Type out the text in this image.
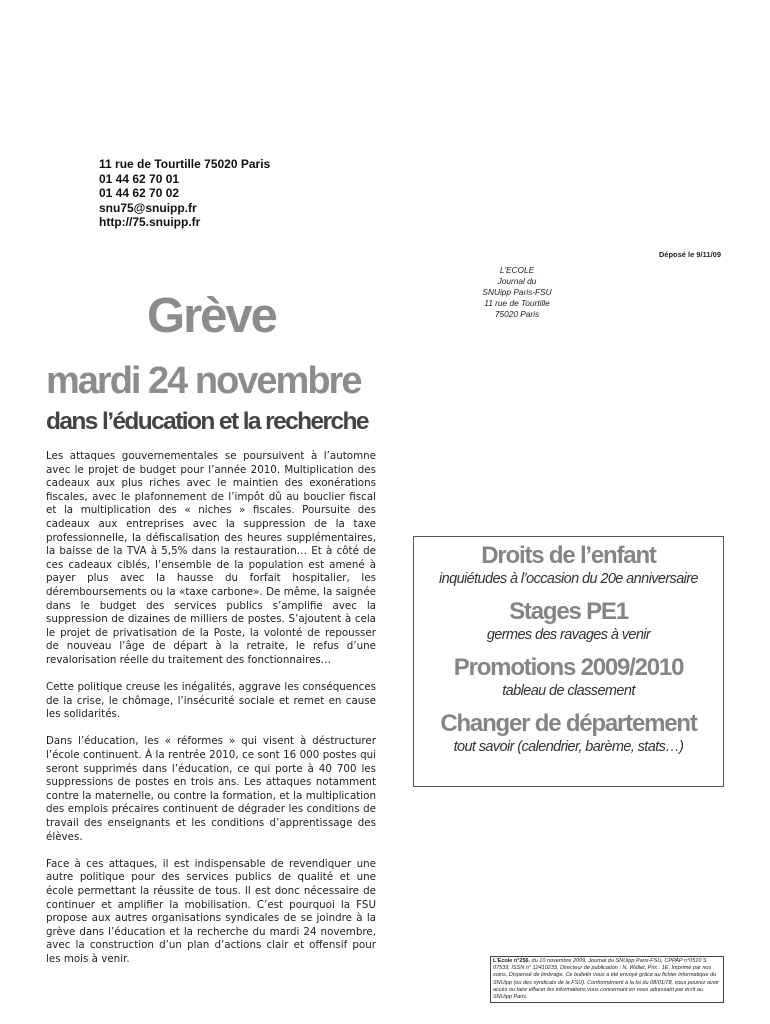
11 rue de Tourtille 75020 Paris
01 44 62 70 01
01 44 62 70 02
snu75@snuipp.fr
http://75.snuipp.fr
Déposé le 9/11/09
L'ECOLE
Journal du
SNUipp Paris-FSU
11 rue de Tourtille
75020 Paris
Grève
mardi 24 novembre
dans l’éducation et la recherche

Les attaques gouvernementales se poursuivent à l’automne avec le projet de budget pour l’année 2010. Multiplication des cadeaux aux plus riches avec le maintien des exonérations fiscales, avec le plafonnement de l’impôt dû au bouclier fiscal et la multiplication des « niches » fiscales. Poursuite des cadeaux aux entreprises avec la suppression de la taxe professionnelle, la défiscalisation des heures supplémentaires, la baisse de la TVA à 5,5% dans la restauration… Et à côté de ces cadeaux ciblés, l’ensemble de la population est amené à payer plus avec la hausse du forfait hospitalier, les déremboursements ou la «taxe carbone». De même, la saignée dans le budget des services publics s’amplifie avec la suppression de dizaines de milliers de postes. S’ajoutent à cela le projet de privatisation de la Poste, la volonté de repousser de nouveau l’âge de départ à la retraite, le refus d’une revalorisation réelle du traitement des fonctionnaires…

Cette politique creuse les inégalités, aggrave les conséquences de la crise, le chômage, l’insécurité sociale et remet en cause les solidarités.

Dans l’éducation, les « réformes » qui visent à déstructurer l’école continuent. À la rentrée 2010, ce sont 16 000 postes qui seront supprimés dans l’éducation, ce qui porte à 40 700 les suppressions de postes en trois ans. Les attaques notamment contre la maternelle, ou contre la formation, et la multiplication des emplois précaires continuent de dégrader les conditions de travail des enseignants et les conditions d’apprentissage des élèves.

Face à ces attaques, il est indispensable de revendiquer une autre politique pour des services publics de qualité et une école permettant la réussite de tous. Il est donc nécessaire de continuer et amplifier la mobilisation. C’est pourquoi la FSU propose aux autres organisations syndicales de se joindre à la grève dans l’éducation et la recherche du mardi 24 novembre, avec la construction d’un plan d’actions clair et offensif pour les mois à venir.

Droits de l’enfant
inquiétudes à l’occasion du 20e anniversaire
Stages PE1
germes des ravages à venir
Promotions 2009/2010
tableau de classement
Changer de département
tout savoir (calendrier, barème, stats…)
L'Ecole n°256, du 10 novembre 2009, Journal du SNUipp Paris-FSU, CPPAP n°0510 S 07539, ISSN n° 12410233, Directeur de publication : N. Wallet, Prix : 1E. Imprimé par nos soins. Dispensé de timbrage. Ce bulletin vous a été envoyé grâce au fichier informatique du SNUipp (ou des syndicats de la FSU). Conformément à la loi du 08/01/78, vous pouvez avoir accès ou faire effacer les informations vous concernant en vous adressant par écrit au SNUipp Paris.
